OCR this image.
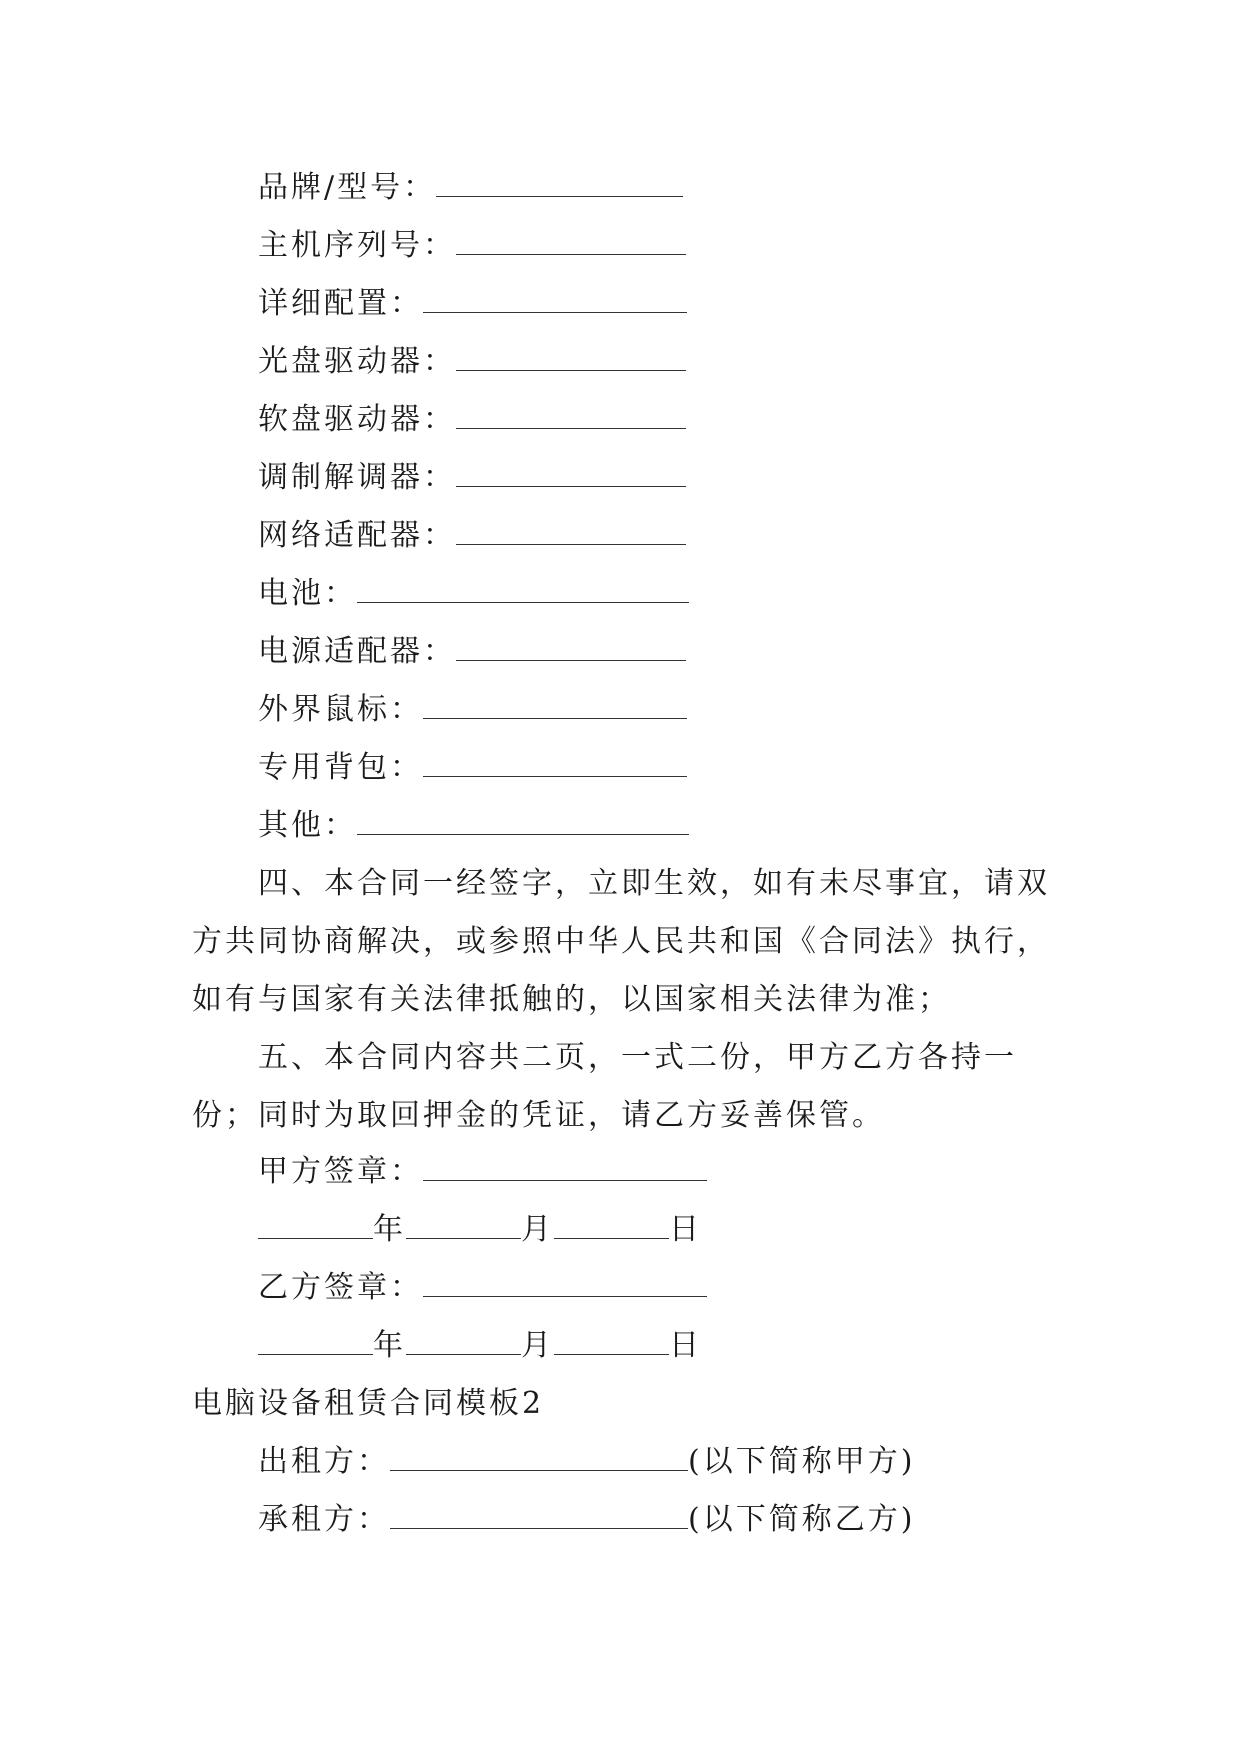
品牌/型号：
主机序列号：
详细配置：
光盘驱动器：
软盘驱动器：
调制解调器：
网络适配器：
电池：
电源适配器：
外界鼠标：
专用背包：
其他：
四、本合同一经签字，立即生效，如有未尽事宜，请双方共同协商解决，或参照中华人民共和国《合同法》执行，如有与国家有关法律抵触的，以国家相关法律为准；
五、本合同内容共二页，一式二份，甲方乙方各持一份；同时为取回押金的凭证，请乙方妥善保管。
甲方签章：
年	月	日
乙方签章：
年	月	日
电脑设备租赁合同模板2
出租方：	(以下简称甲方)
承租方：	(以下简称乙方)
